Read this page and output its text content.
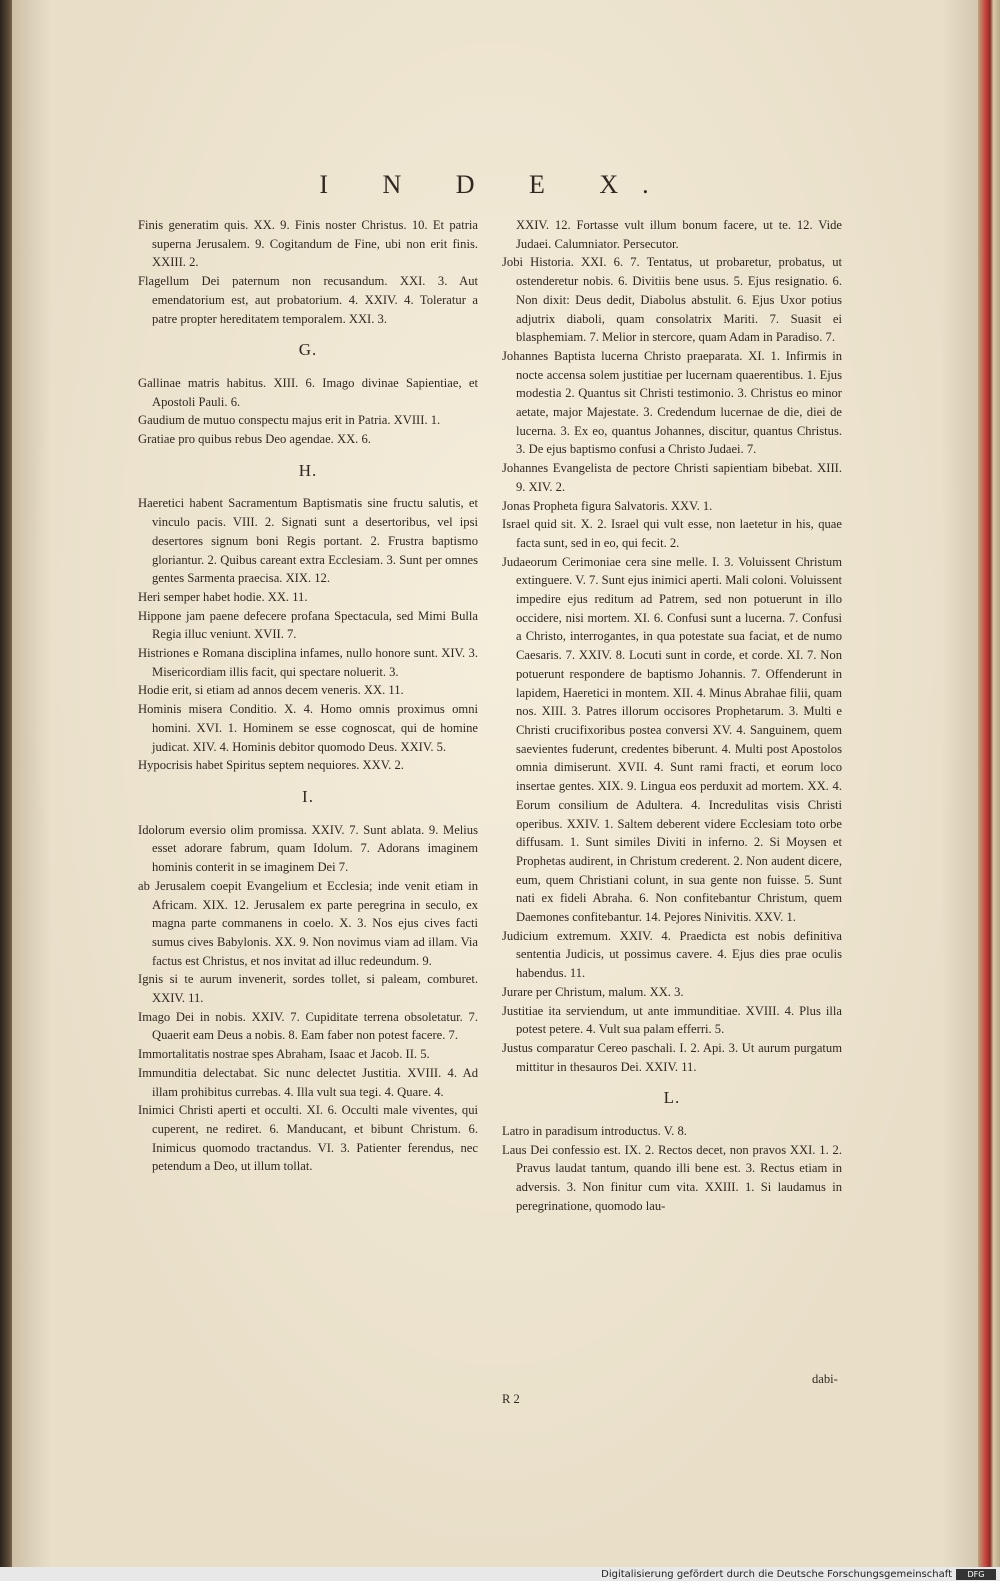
I N D E X.
Finis generatim quis. XX. 9. Finis noster Christus. 10. Et patria superna Jerusalem. 9. Cogitandum de Fine, ubi non erit finis. XXIII. 2.
Flagellum Dei paternum non recusandum. XXI. 3. Aut emendatorium est, aut probatorium. 4. XXIV. 4. Toleratur a patre propter hereditatem temporalem. XXI. 3.
G.
Gallinae matris habitus. XIII. 6. Imago divinae Sapientiae, et Apostoli Pauli. 6.
Gaudium de mutuo conspectu majus erit in Patria. XVIII. 1.
Gratiae pro quibus rebus Deo agendae. XX. 6.
H.
Haeretici habent Sacramentum Baptismatis sine fructu salutis, et vinculo pacis. VIII. 2. Signati sunt a desertoribus, vel ipsi desertores signum boni Regis portant. 2. Frustra baptismo gloriantur. 2. Quibus careant extra Ecclesiam. 3. Sunt per omnes gentes Sarmenta praecisa. XIX. 12.
Heri semper habet hodie. XX. 11.
Hippone jam paene defecere profana Spectacula, sed Mimi Bulla Regia illuc veniunt. XVII. 7.
Histriones e Romana disciplina infames, nullo honore sunt. XIV. 3. Misericordiam illis facit, qui spectare noluerit. 3.
Hodie erit, si etiam ad annos decem veneris. XX. 11.
Hominis misera Conditio. X. 4. Homo omnis proximus omni homini. XVI. 1. Hominem se esse cognoscat, qui de homine judicat. XIV. 4. Hominis debitor quomodo Deus. XXIV. 5.
Hypocrisis habet Spiritus septem nequiores. XXV. 2.
I.
Idolorum eversio olim promissa. XXIV. 7. Sunt ablata. 9. Melius esset adorare fabrum, quam Idolum. 7. Adorans imaginem hominis conterit in se imaginem Dei 7.
ab Jerusalem coepit Evangelium et Ecclesia; inde venit etiam in Africam. XIX. 12. Jerusalem ex parte peregrina in seculo, ex magna parte commanens in coelo. X. 3. Nos ejus cives facti sumus cives Babylonis. XX. 9. Non novimus viam ad illam. Via factus est Christus, et nos invitat ad illuc redeundum. 9.
Ignis si te aurum invenerit, sordes tollet, si paleam, comburet. XXIV. 11.
Imago Dei in nobis. XXIV. 7. Cupiditate terrena obsoletatur. 7. Quaerit eam Deus a nobis. 8. Eam faber non potest facere. 7.
Immortalitatis nostrae spes Abraham, Isaac et Jacob. II. 5.
Immunditia delectabat. Sic nunc delectet Justitia. XVIII. 4. Ad illam prohibitus currebas. 4. Illa vult sua tegi. 4. Quare. 4.
Inimici Christi aperti et occulti. XI. 6. Occulti male viventes, qui cuperent, ne rediret. 6. Manducant, et bibunt Christum. 6. Inimicus quomodo tractandus. VI. 3. Patienter ferendus, nec petendum a Deo, ut illum tollat.
XXIV. 12. Fortasse vult illum bonum facere, ut te. 12. Vide Judaei. Calumniator. Persecutor.
Jobi Historia. XXI. 6. 7. Tentatus, ut probaretur, probatus, ut ostenderetur nobis. 6. Divitiis bene usus. 5. Ejus resignatio. 6. Non dixit: Deus dedit, Diabolus abstulit. 6. Ejus Uxor potius adjutrix diaboli, quam consolatrix Mariti. 7. Suasit ei blasphemiam. 7. Melior in stercore, quam Adam in Paradiso. 7.
Johannes Baptista lucerna Christo praeparata. XI. 1. Infirmis in nocte accensa solem justitiae per lucernam quaerentibus. 1. Ejus modestia 2. Quantus sit Christi testimonio. 3. Christus eo minor aetate, major Majestate. 3. Credendum lucernae de die, diei de lucerna. 3. Ex eo, quantus Johannes, discitur, quantus Christus. 3. De ejus baptismo confusi a Christo Judaei. 7.
Johannes Evangelista de pectore Christi sapientiam bibebat. XIII. 9. XIV. 2.
Jonas Propheta figura Salvatoris. XXV. 1.
Israel quid sit. X. 2. Israel qui vult esse, non laetetur in his, quae facta sunt, sed in eo, qui fecit. 2.
Judaeorum Cerimoniae cera sine melle. I. 3. Voluissent Christum extinguere. V. 7. Sunt ejus inimici aperti. Mali coloni. Voluissent impedire ejus reditum ad Patrem, sed non potuerunt in illo occidere, nisi mortem. XI. 6. Confusi sunt a lucerna. 7. Confusi a Christo, interrogantes, in qua potestate sua faciat, et de numo Caesaris. 7. XXIV. 8. Locuti sunt in corde, et corde. XI. 7. Non potuerunt respondere de baptismo Johannis. 7. Offenderunt in lapidem, Haeretici in montem. XII. 4. Minus Abrahae filii, quam nos. XIII. 3. Patres illorum occisores Prophetarum. 3. Multi e Christi crucifixoribus postea conversi XV. 4. Sanguinem, quem saevientes fuderunt, credentes biberunt. 4. Multi post Apostolos omnia dimiserunt. XVII. 4. Sunt rami fracti, et eorum loco insertae gentes. XIX. 9. Lingua eos perduxit ad mortem. XX. 4. Eorum consilium de Adultera. 4. Incredulitas visis Christi operibus. XXIV. 1. Saltem deberent videre Ecclesiam toto orbe diffusam. 1. Sunt similes Diviti in inferno. 2. Si Moysen et Prophetas audirent, in Christum crederent. 2. Non audent dicere, eum, quem Christiani colunt, in sua gente non fuisse. 5. Sunt nati ex fideli Abraha. 6. Non confitebantur Christum, quem Daemones confitebantur. 14. Pejores Ninivitis. XXV. 1.
Judicium extremum. XXIV. 4. Praedicta est nobis definitiva sententia Judicis, ut possimus cavere. 4. Ejus dies prae oculis habendus. 11.
Jurare per Christum, malum. XX. 3.
Justitiae ita serviendum, ut ante immunditiae. XVIII. 4. Plus illa potest petere. 4. Vult sua palam efferri. 5.
Justus comparatur Cereo paschali. I. 2. Api. 3. Ut aurum purgatum mittitur in thesauros Dei. XXIV. 11.
L.
Latro in paradisum introductus. V. 8.
Laus Dei confessio est. IX. 2. Rectos decet, non pravos XXI. 1. 2. Pravus laudat tantum, quando illi bene est. 3. Rectus etiam in adversis. 3. Non finitur cum vita. XXIII. 1. Si laudamus in peregrinatione, quomodo lau-
dabi-
R 2
Digitalisierung gefördert durch die Deutsche Forschungsgemeinschaft	DFG
